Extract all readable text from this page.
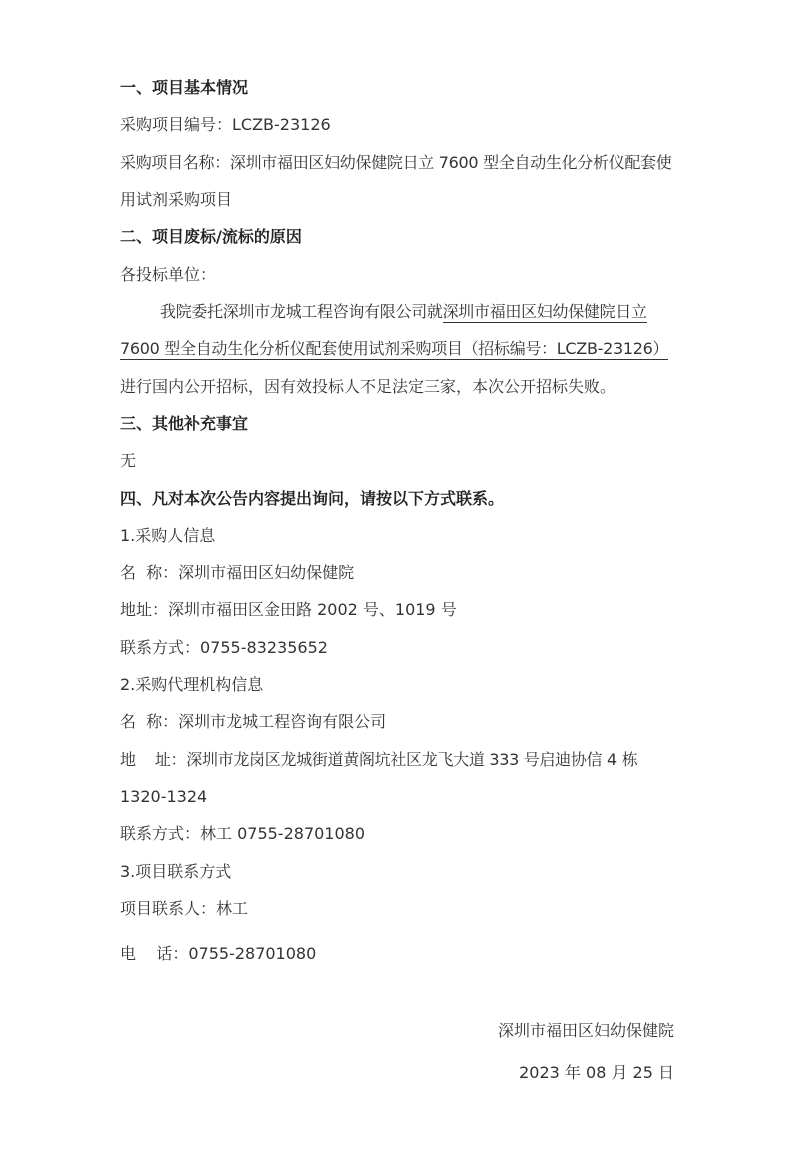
一、项目基本情况
采购项目编号：LCZB-23126
采购项目名称：深圳市福田区妇幼保健院日立 7600 型全自动生化分析仪配套使
用试剂采购项目
二、项目废标/流标的原因
各投标单位：
我院委托深圳市龙城工程咨询有限公司就深圳市福田区妇幼保健院日立
7600 型全自动生化分析仪配套使用试剂采购项目（招标编号：LCZB-23126）
进行国内公开招标，因有效投标人不足法定三家，本次公开招标失败。
三、其他补充事宜
无
四、凡对本次公告内容提出询问，请按以下方式联系。
1.采购人信息
名  称：深圳市福田区妇幼保健院
地址：深圳市福田区金田路 2002 号、1019 号
联系方式：0755-83235652
2.采购代理机构信息
名  称：深圳市龙城工程咨询有限公司
地    址：深圳市龙岗区龙城街道黄阁坑社区龙飞大道 333 号启迪协信 4 栋
1320-1324
联系方式：林工 0755-28701080
3.项目联系方式
项目联系人：林工
电    话：0755-28701080
深圳市福田区妇幼保健院
2023 年 08 月 25 日
